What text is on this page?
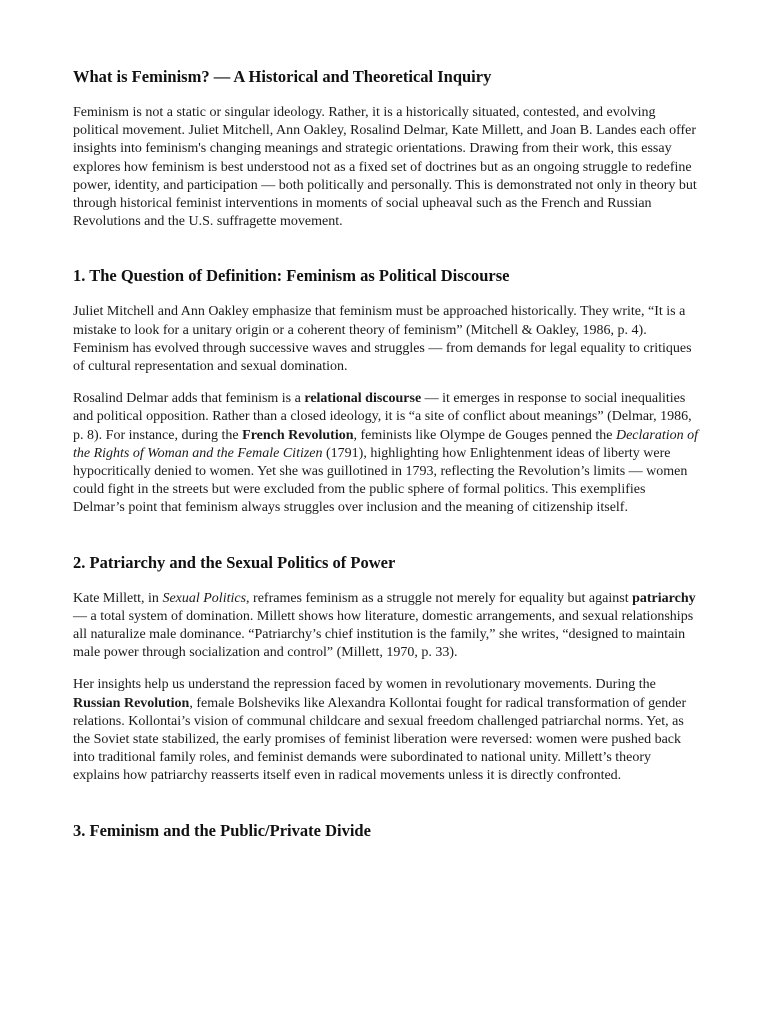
What is Feminism? — A Historical and Theoretical Inquiry

Feminism is not a static or singular ideology. Rather, it is a historically situated, contested, and evolving political movement. Juliet Mitchell, Ann Oakley, Rosalind Delmar, Kate Millett, and Joan B. Landes each offer insights into feminism's changing meanings and strategic orientations. Drawing from their work, this essay explores how feminism is best understood not as a fixed set of doctrines but as an ongoing struggle to redefine power, identity, and participation — both politically and personally. This is demonstrated not only in theory but through historical feminist interventions in moments of social upheaval such as the French and Russian Revolutions and the U.S. suffragette movement.

1. The Question of Definition: Feminism as Political Discourse

Juliet Mitchell and Ann Oakley emphasize that feminism must be approached historically. They write, “It is a mistake to look for a unitary origin or a coherent theory of feminism” (Mitchell & Oakley, 1986, p. 4). Feminism has evolved through successive waves and struggles — from demands for legal equality to critiques of cultural representation and sexual domination.

Rosalind Delmar adds that feminism is a relational discourse — it emerges in response to social inequalities and political opposition. Rather than a closed ideology, it is “a site of conflict about meanings” (Delmar, 1986, p. 8). For instance, during the French Revolution, feminists like Olympe de Gouges penned the Declaration of the Rights of Woman and the Female Citizen (1791), highlighting how Enlightenment ideas of liberty were hypocritically denied to women. Yet she was guillotined in 1793, reflecting the Revolution’s limits — women could fight in the streets but were excluded from the public sphere of formal politics. This exemplifies Delmar’s point that feminism always struggles over inclusion and the meaning of citizenship itself.

2. Patriarchy and the Sexual Politics of Power

Kate Millett, in Sexual Politics, reframes feminism as a struggle not merely for equality but against patriarchy — a total system of domination. Millett shows how literature, domestic arrangements, and sexual relationships all naturalize male dominance. “Patriarchy’s chief institution is the family,” she writes, “designed to maintain male power through socialization and control” (Millett, 1970, p. 33).

Her insights help us understand the repression faced by women in revolutionary movements. During the Russian Revolution, female Bolsheviks like Alexandra Kollontai fought for radical transformation of gender relations. Kollontai’s vision of communal childcare and sexual freedom challenged patriarchal norms. Yet, as the Soviet state stabilized, the early promises of feminist liberation were reversed: women were pushed back into traditional family roles, and feminist demands were subordinated to national unity. Millett’s theory explains how patriarchy reasserts itself even in radical movements unless it is directly confronted.

3. Feminism and the Public/Private Divide
